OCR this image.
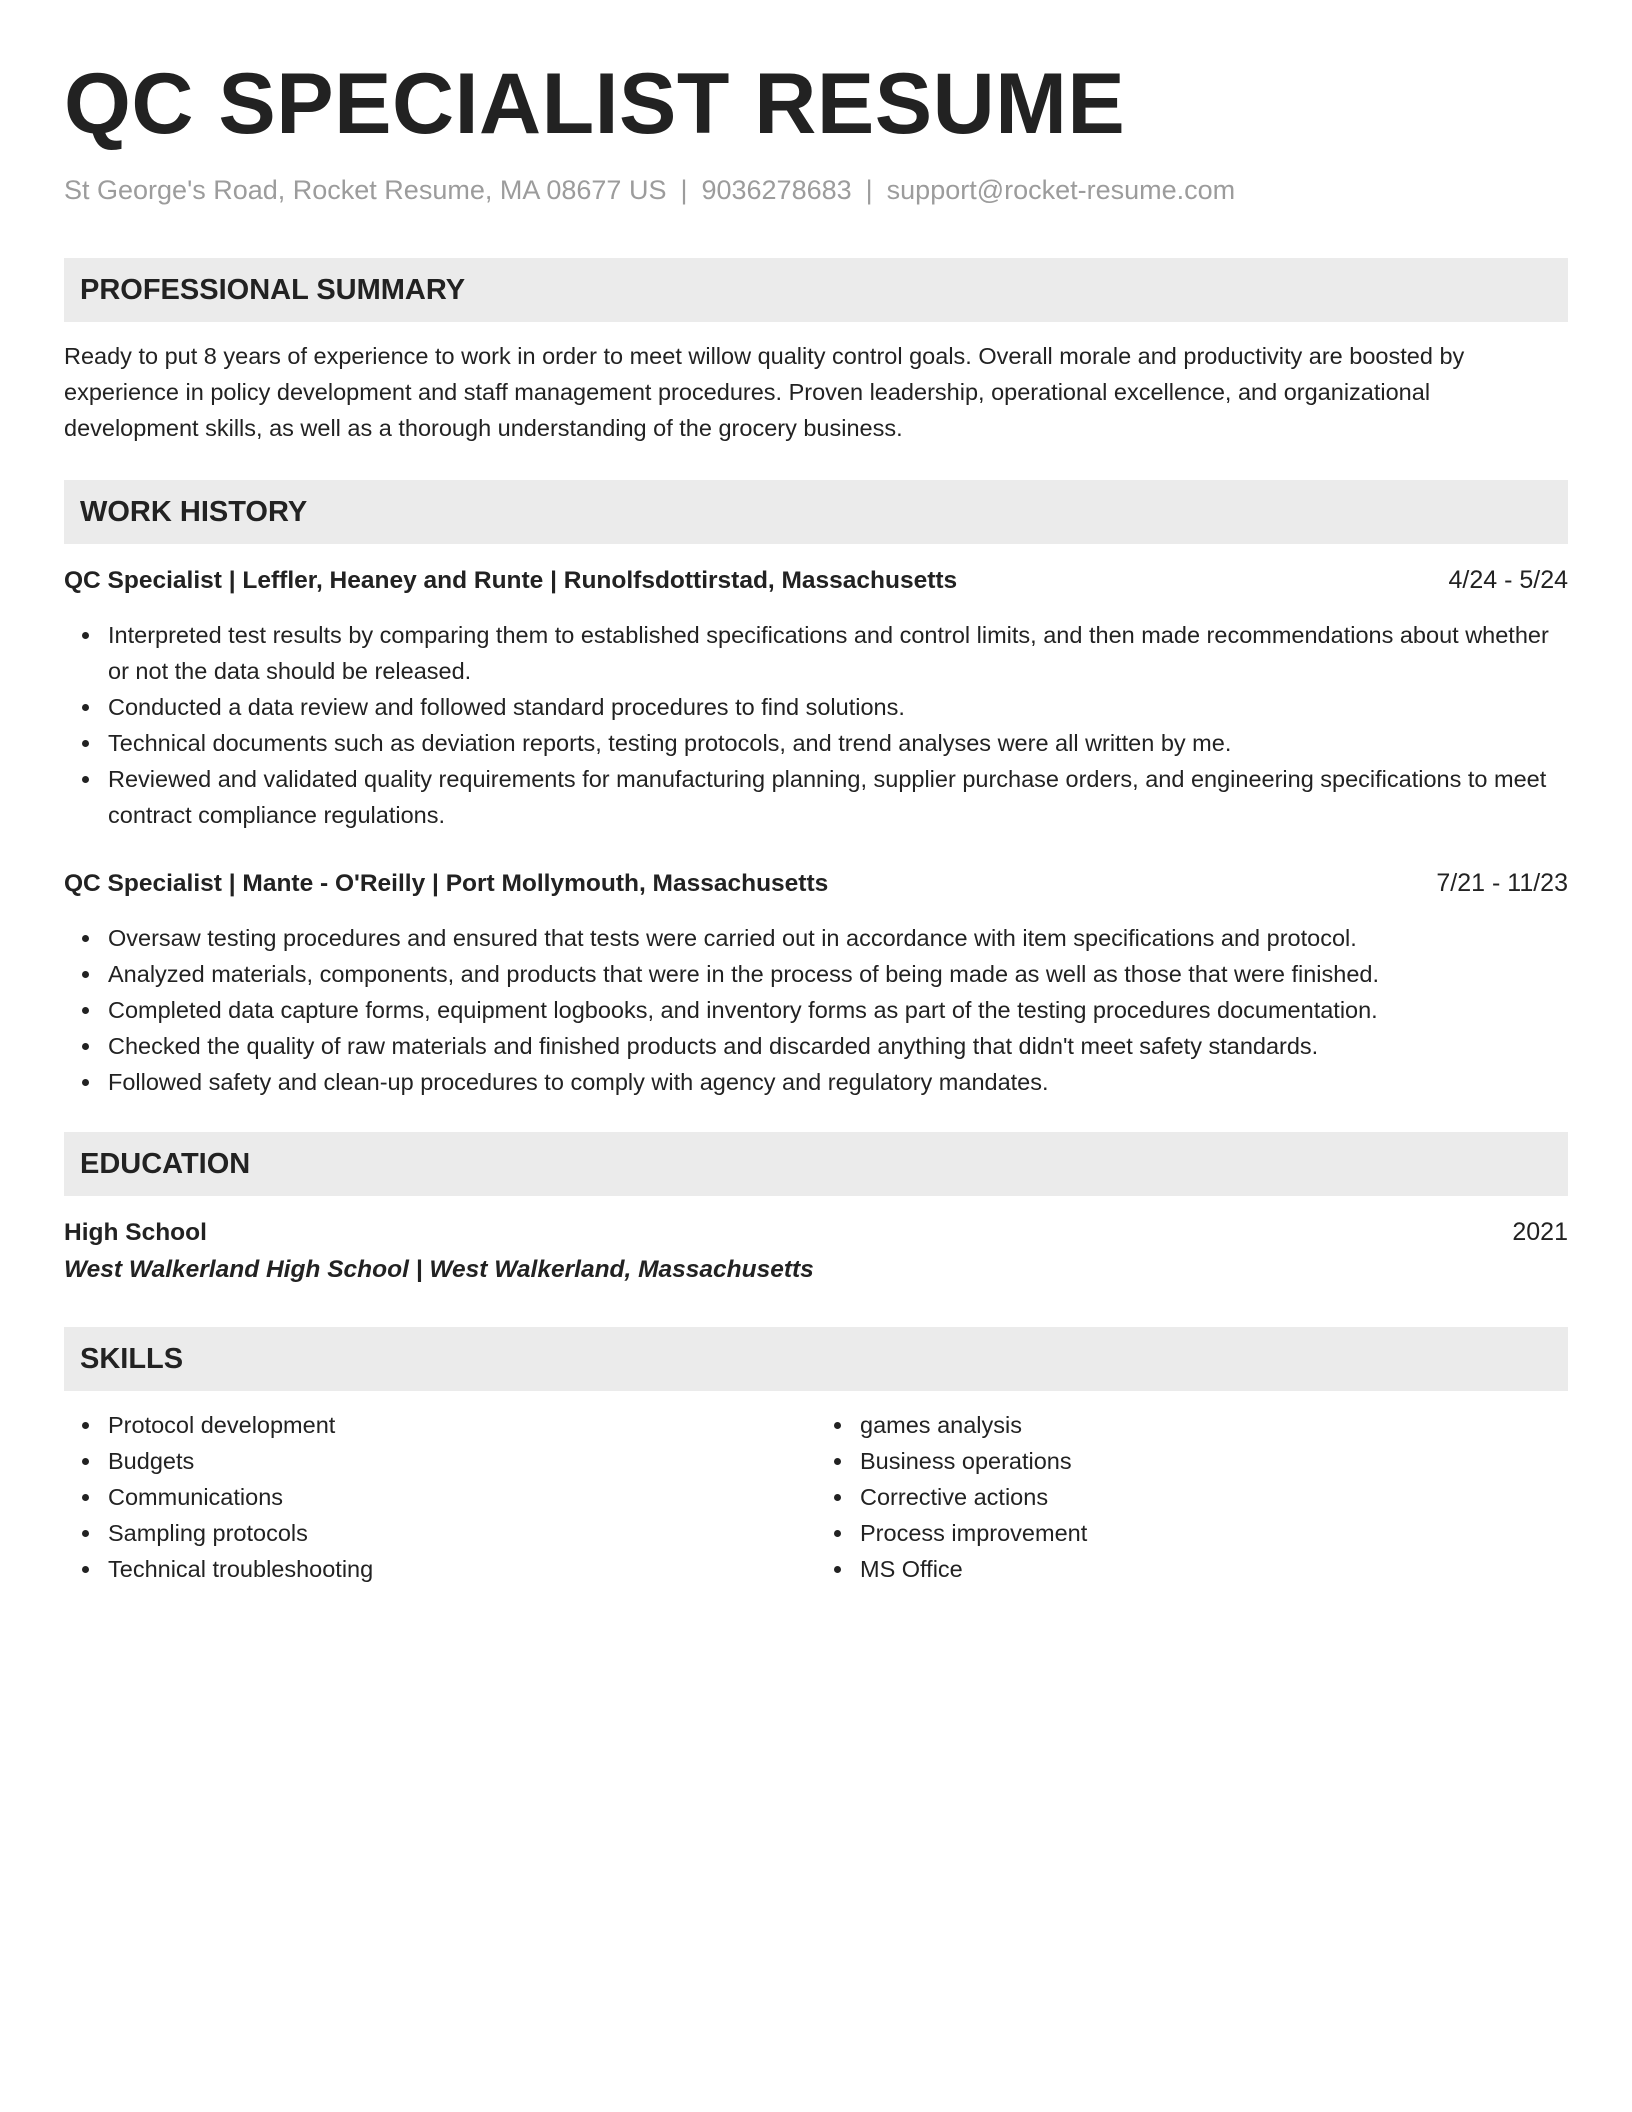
QC SPECIALIST RESUME
St George's Road, Rocket Resume, MA 08677 US | 9036278683 | support@rocket-resume.com
PROFESSIONAL SUMMARY
Ready to put 8 years of experience to work in order to meet willow quality control goals. Overall morale and productivity are boosted by experience in policy development and staff management procedures. Proven leadership, operational excellence, and organizational development skills, as well as a thorough understanding of the grocery business.
WORK HISTORY
QC Specialist | Leffler, Heaney and Runte | Runolfsdottirstad, Massachusetts	4/24 - 5/24
Interpreted test results by comparing them to established specifications and control limits, and then made recommendations about whether or not the data should be released.
Conducted a data review and followed standard procedures to find solutions.
Technical documents such as deviation reports, testing protocols, and trend analyses were all written by me.
Reviewed and validated quality requirements for manufacturing planning, supplier purchase orders, and engineering specifications to meet contract compliance regulations.
QC Specialist | Mante - O'Reilly | Port Mollymouth, Massachusetts	7/21 - 11/23
Oversaw testing procedures and ensured that tests were carried out in accordance with item specifications and protocol.
Analyzed materials, components, and products that were in the process of being made as well as those that were finished.
Completed data capture forms, equipment logbooks, and inventory forms as part of the testing procedures documentation.
Checked the quality of raw materials and finished products and discarded anything that didn't meet safety standards.
Followed safety and clean-up procedures to comply with agency and regulatory mandates.
EDUCATION
High School	2021
West Walkerland High School | West Walkerland, Massachusetts
SKILLS
Protocol development
Budgets
Communications
Sampling protocols
Technical troubleshooting
games analysis
Business operations
Corrective actions
Process improvement
MS Office
